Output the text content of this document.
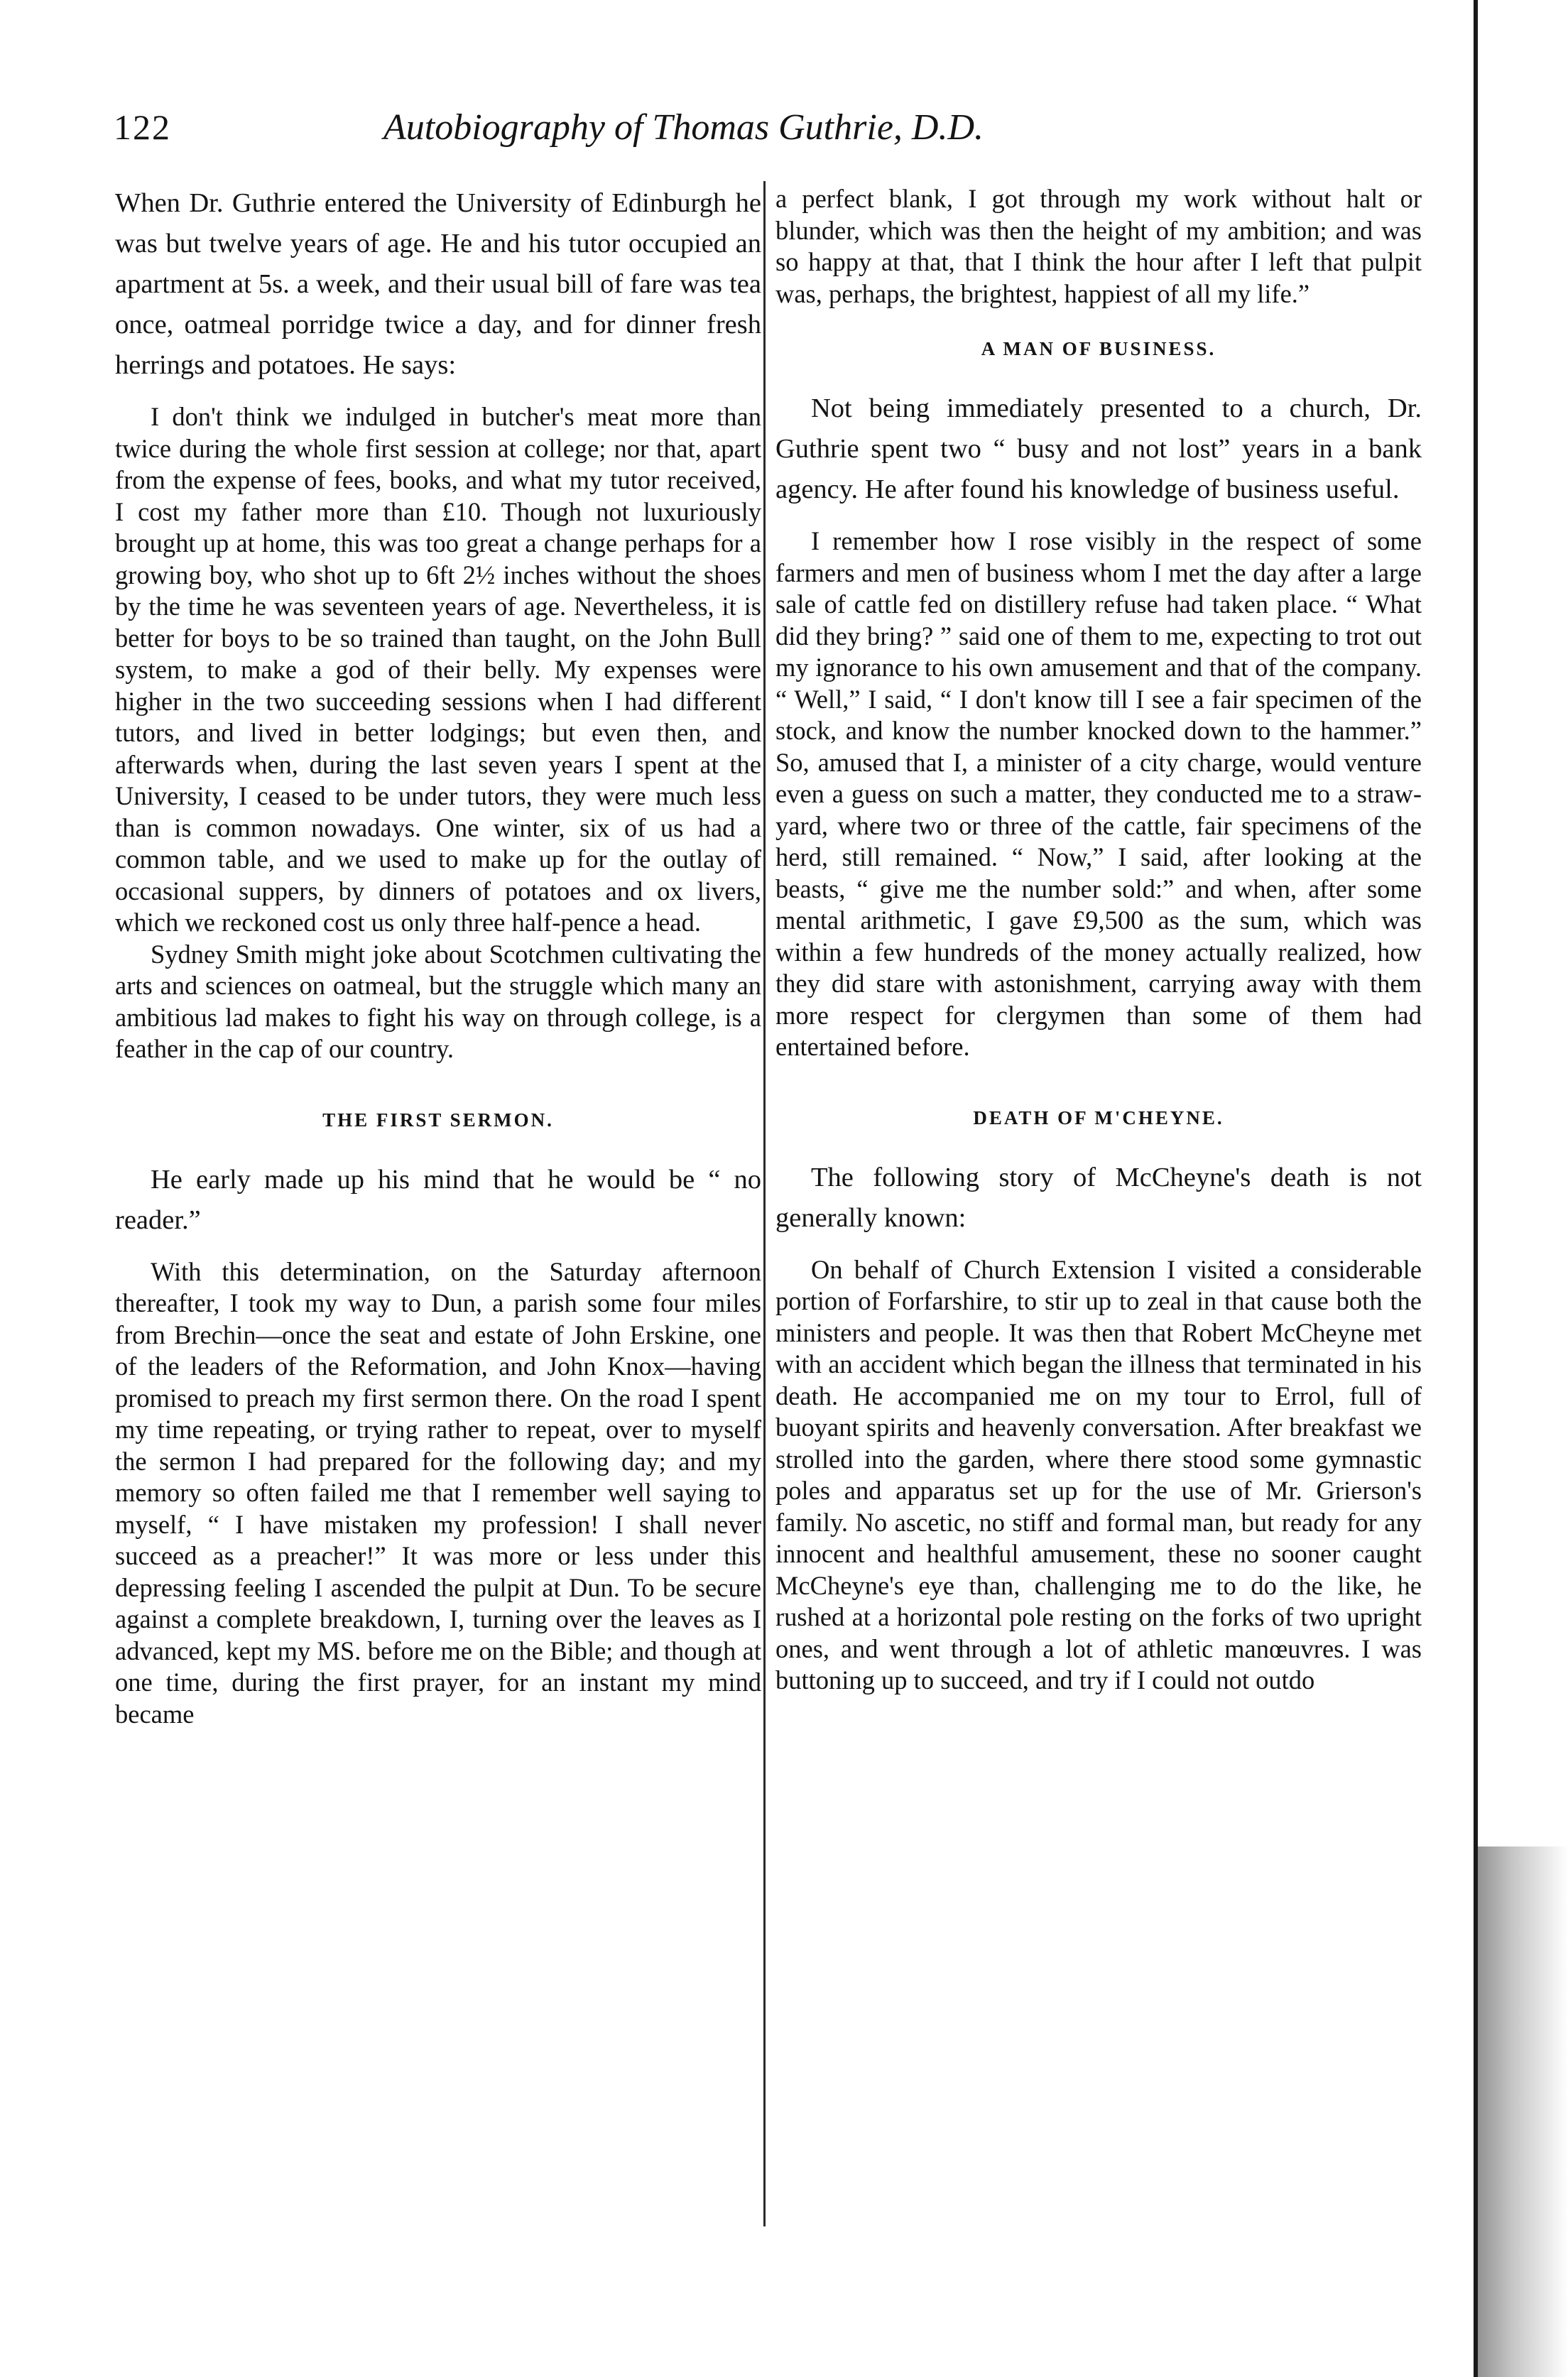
122	Autobiography of Thomas Guthrie, D.D.

When Dr. Guthrie entered the University of Edinburgh he was but twelve years of age. He and his tutor occupied an apartment at 5s. a week, and their usual bill of fare was tea once, oatmeal porridge twice a day, and for dinner fresh herrings and potatoes. He says:

I don't think we indulged in butcher's meat more than twice during the whole first session at college; nor that, apart from the expense of fees, books, and what my tutor received, I cost my father more than £10. Though not luxuriously brought up at home, this was too great a change perhaps for a growing boy, who shot up to 6ft 2½ inches without the shoes by the time he was seventeen years of age. Nevertheless, it is better for boys to be so trained than taught, on the John Bull system, to make a god of their belly. My expenses were higher in the two succeeding sessions when I had different tutors, and lived in better lodgings; but even then, and afterwards when, during the last seven years I spent at the University, I ceased to be under tutors, they were much less than is common nowadays. One winter, six of us had a common table, and we used to make up for the outlay of occasional suppers, by dinners of potatoes and ox livers, which we reckoned cost us only three half-pence a head.

Sydney Smith might joke about Scotchmen cultivating the arts and sciences on oatmeal, but the struggle which many an ambitious lad makes to fight his way on through college, is a feather in the cap of our country.

THE FIRST SERMON.

He early made up his mind that he would be “ no reader.”

With this determination, on the Saturday afternoon thereafter, I took my way to Dun, a parish some four miles from Brechin—once the seat and estate of John Erskine, one of the leaders of the Reformation, and John Knox—having promised to preach my first sermon there. On the road I spent my time repeating, or trying rather to repeat, over to myself the sermon I had prepared for the following day; and my memory so often failed me that I remember well saying to myself, “ I have mistaken my profession! I shall never succeed as a preacher!” It was more or less under this depressing feeling I ascended the pulpit at Dun. To be secure against a complete breakdown, I, turning over the leaves as I advanced, kept my MS. before me on the Bible; and though at one time, during the first prayer, for an instant my mind became

a perfect blank, I got through my work without halt or blunder, which was then the height of my ambition; and was so happy at that, that I think the hour after I left that pulpit was, perhaps, the brightest, happiest of all my life.”

A MAN OF BUSINESS.

Not being immediately presented to a church, Dr. Guthrie spent two “ busy and not lost” years in a bank agency. He after found his knowledge of business useful.

I remember how I rose visibly in the respect of some farmers and men of business whom I met the day after a large sale of cattle fed on distillery refuse had taken place. “ What did they bring? ” said one of them to me, expecting to trot out my ignorance to his own amusement and that of the company. “ Well,” I said, “ I don't know till I see a fair specimen of the stock, and know the number knocked down to the hammer.” So, amused that I, a minister of a city charge, would venture even a guess on such a matter, they conducted me to a straw-yard, where two or three of the cattle, fair specimens of the herd, still remained. “ Now,” I said, after looking at the beasts, “ give me the number sold:” and when, after some mental arithmetic, I gave £9,500 as the sum, which was within a few hundreds of the money actually realized, how they did stare with astonishment, carrying away with them more respect for clergymen than some of them had entertained before.

DEATH OF M'CHEYNE.

The following story of McCheyne's death is not generally known:

On behalf of Church Extension I visited a considerable portion of Forfarshire, to stir up to zeal in that cause both the ministers and people. It was then that Robert McCheyne met with an accident which began the illness that terminated in his death. He accompanied me on my tour to Errol, full of buoyant spirits and heavenly conversation. After breakfast we strolled into the garden, where there stood some gymnastic poles and apparatus set up for the use of Mr. Grierson's family. No ascetic, no stiff and formal man, but ready for any innocent and healthful amusement, these no sooner caught McCheyne's eye than, challenging me to do the like, he rushed at a horizontal pole resting on the forks of two upright ones, and went through a lot of athletic manœuvres. I was buttoning up to succeed, and try if I could not outdo
